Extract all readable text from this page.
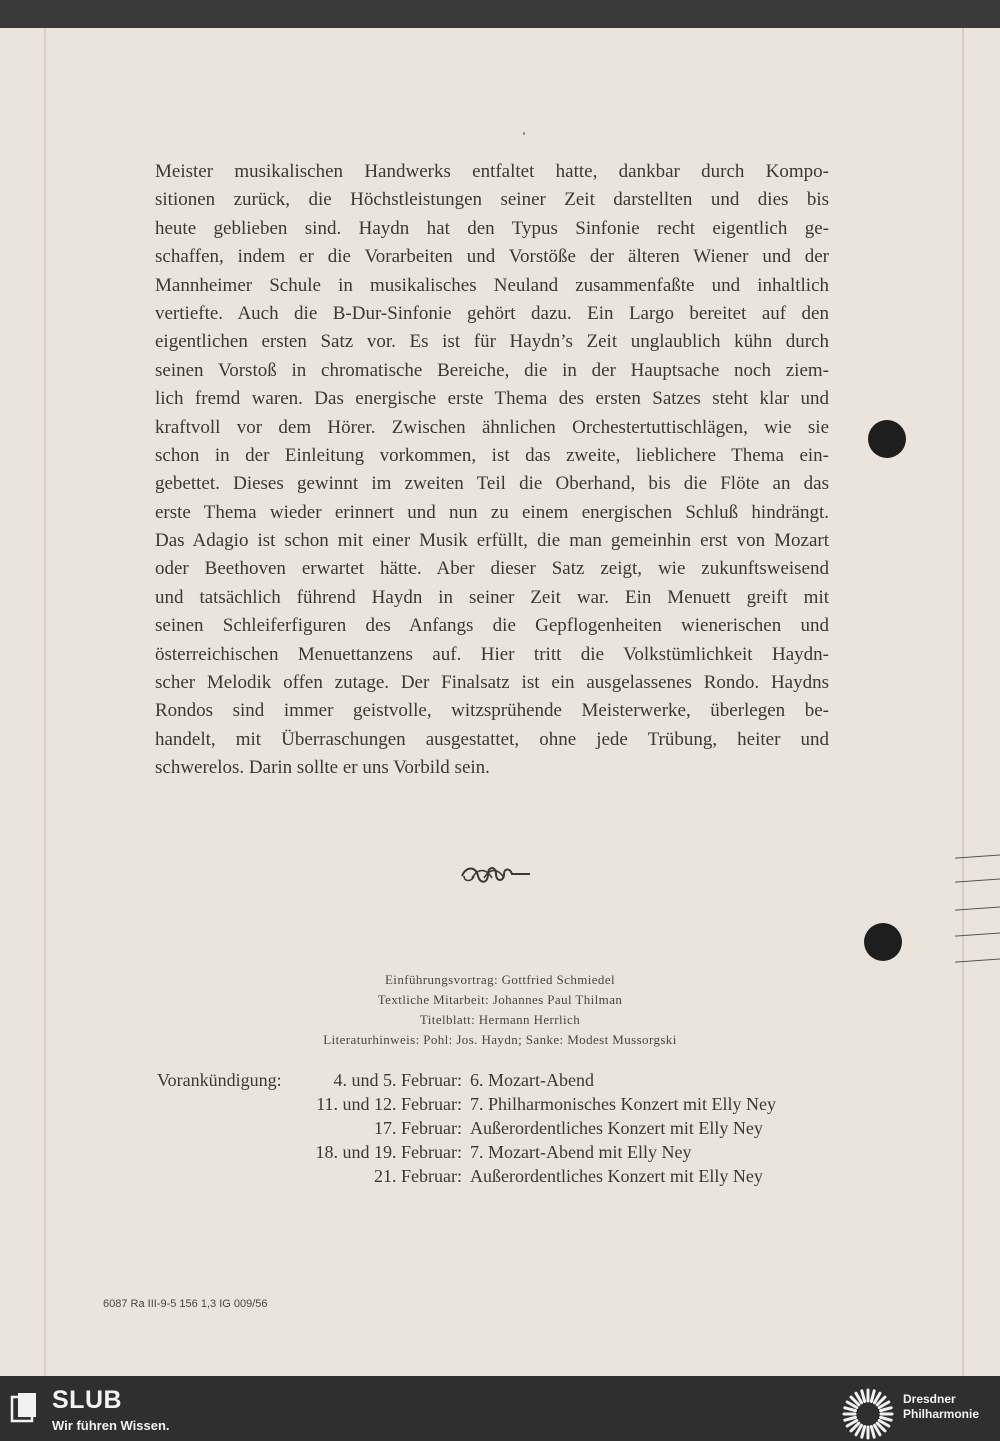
Meister musikalischen Handwerks entfaltet hatte, dankbar durch Kompo-
sitionen zurück, die Höchstleistungen seiner Zeit darstellten und dies bis
heute geblieben sind. Haydn hat den Typus Sinfonie recht eigentlich ge-
schaffen, indem er die Vorarbeiten und Vorstöße der älteren Wiener und der
Mannheimer Schule in musikalisches Neuland zusammenfaßte und inhaltlich
vertiefte. Auch die B-Dur-Sinfonie gehört dazu. Ein Largo bereitet auf den
eigentlichen ersten Satz vor. Es ist für Haydn’s Zeit unglaublich kühn durch
seinen Vorstoß in chromatische Bereiche, die in der Hauptsache noch ziem-
lich fremd waren. Das energische erste Thema des ersten Satzes steht klar und
kraftvoll vor dem Hörer. Zwischen ähnlichen Orchestertuttischlägen, wie sie
schon in der Einleitung vorkommen, ist das zweite, lieblichere Thema ein-
gebettet. Dieses gewinnt im zweiten Teil die Oberhand, bis die Flöte an das
erste Thema wieder erinnert und nun zu einem energischen Schluß hindrängt.
Das Adagio ist schon mit einer Musik erfüllt, die man gemeinhin erst von Mozart
oder Beethoven erwartet hätte. Aber dieser Satz zeigt, wie zukunftsweisend
und tatsächlich führend Haydn in seiner Zeit war. Ein Menuett greift mit
seinen Schleiferfiguren des Anfangs die Gepflogenheiten wienerischen und
österreichischen Menuettanzens auf. Hier tritt die Volkstümlichkeit Haydn-
scher Melodik offen zutage. Der Finalsatz ist ein ausgelassenes Rondo. Haydns
Rondos sind immer geistvolle, witzsprühende Meisterwerke, überlegen be-
handelt, mit Überraschungen ausgestattet, ohne jede Trübung, heiter und
schwerelos. Darin sollte er uns Vorbild sein.
Einführungsvortrag: Gottfried Schmiedel
Textliche Mitarbeit: Johannes Paul Thilman
Titelblatt: Hermann Herrlich
Literaturhinweis: Pohl: Jos. Haydn; Sanke: Modest Mussorgski
Vorankündigung:	4. und 5. Februar: 6. Mozart-Abend
11. und 12. Februar: 7. Philharmonisches Konzert mit Elly Ney
17. Februar: Außerordentliches Konzert mit Elly Ney
18. und 19. Februar: 7. Mozart-Abend mit Elly Ney
21. Februar: Außerordentliches Konzert mit Elly Ney
6087 Ra III-9-5 156 1,3 IG 009/56
SLUB
Wir führen Wissen.
Dresdner
Philharmonie
